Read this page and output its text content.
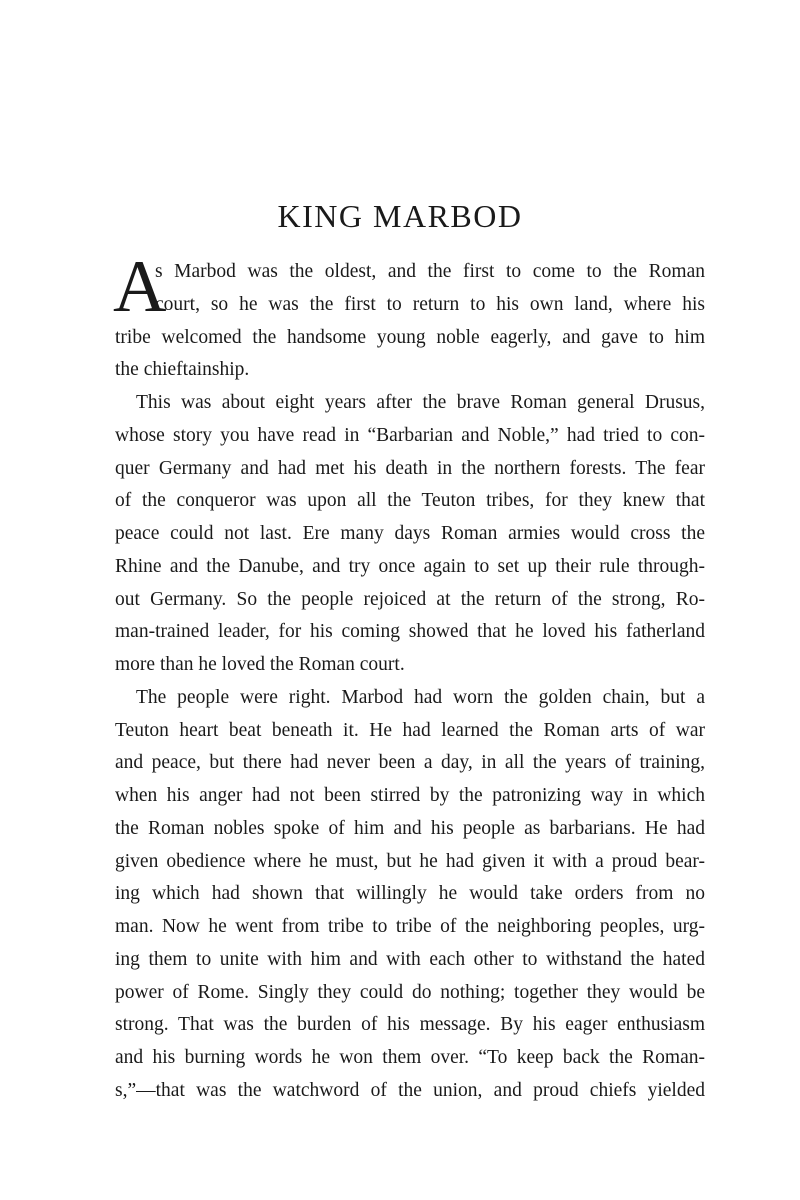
KING MARBOD
A
s Marbod was the oldest, and the first to come to the Roman
court, so he was the first to return to his own land, where his
tribe welcomed the handsome young noble eagerly, and gave to him
the chieftainship.
This was about eight years after the brave Roman general Drusus,
whose story you have read in “Barbarian and Noble,” had tried to con-
quer Germany and had met his death in the northern forests. The fear
of the conqueror was upon all the Teuton tribes, for they knew that
peace could not last. Ere many days Roman armies would cross the
Rhine and the Danube, and try once again to set up their rule through-
out Germany. So the people rejoiced at the return of the strong, Ro-
man-trained leader, for his coming showed that he loved his fatherland
more than he loved the Roman court.
The people were right. Marbod had worn the golden chain, but a
Teuton heart beat beneath it. He had learned the Roman arts of war
and peace, but there had never been a day, in all the years of training,
when his anger had not been stirred by the patronizing way in which
the Roman nobles spoke of him and his people as barbarians. He had
given obedience where he must, but he had given it with a proud bear-
ing which had shown that willingly he would take orders from no
man. Now he went from tribe to tribe of the neighboring peoples, urg-
ing them to unite with him and with each other to withstand the hated
power of Rome. Singly they could do nothing; together they would be
strong. That was the burden of his message. By his eager enthusiasm
and his burning words he won them over. “To keep back the Roman-
s,”—that was the watchword of the union, and proud chiefs yielded
